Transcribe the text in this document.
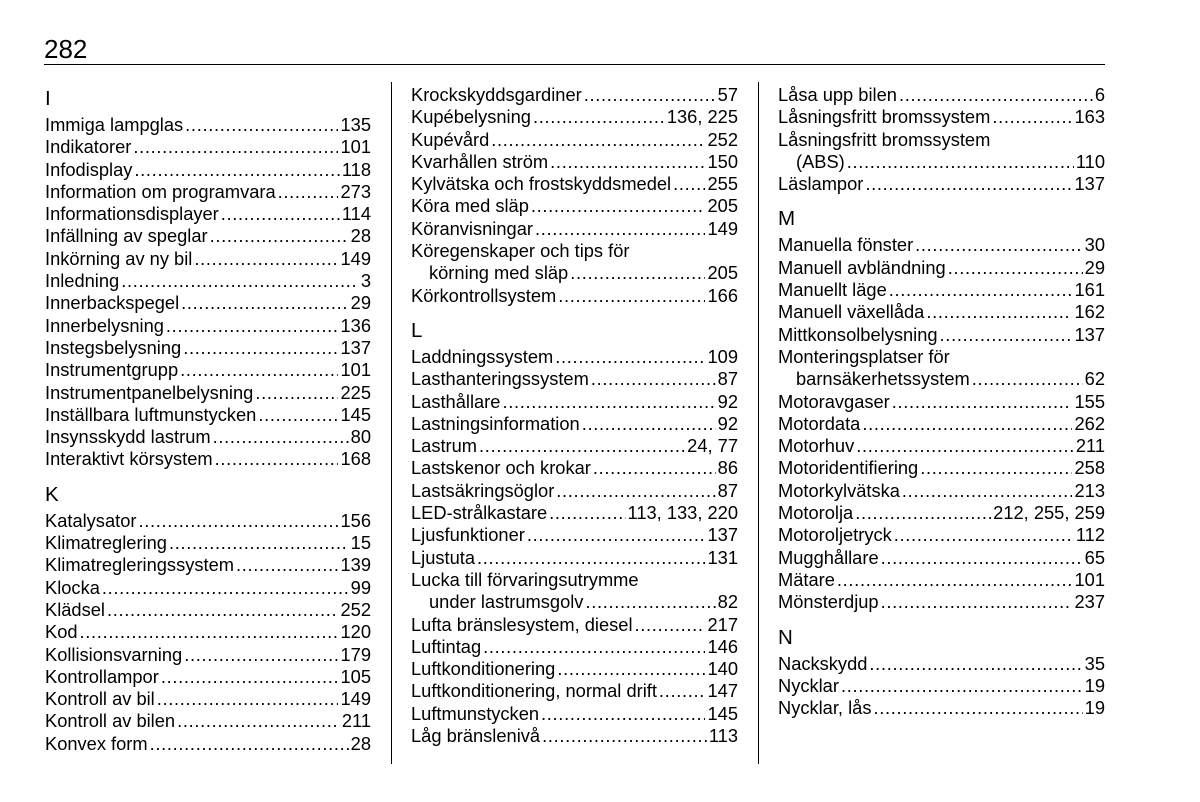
282
I
Immiga lampglas . . .	135
Indikatorer . . .	101
Infodisplay . . .	118
Information om programvara . . .	273
Informationsdisplayer . . .	114
Infällning av speglar . . .	28
Inkörning av ny bil . . .	149
Inledning . . .	3
Innerbackspegel . . .	29
Innerbelysning . . .	136
Instegsbelysning . . .	137
Instrumentgrupp . . .	101
Instrumentpanelbelysning . . .	225
Inställbara luftmunstycken . . .	145
Insynsskydd lastrum . . .	80
Interaktivt körsystem . . .	168
K
Katalysator . . .	156
Klimatreglering . . .	15
Klimatregleringssystem . . .	139
Klocka . . .	99
Klädsel . . .	252
Kod . . .	120
Kollisionsvarning . . .	179
Kontrollampor . . .	105
Kontroll av bil . . .	149
Kontroll av bilen . . .	211
Konvex form . . .	28
Krockskyddsgardiner . . .	57
Kupébelysning . . .	136, 225
Kupévård . . .	252
Kvarhållen ström . . .	150
Kylvätska och frostskyddsmedel . . . 255
Köra med släp . . .	205
Köranvisningar . . .	149
Köregenskaper och tips för
körning med släp . . .	205
Körkontrollsystem . . .	166
L
Laddningssystem . . .	109
Lasthanteringssystem . . .	87
Lasthållare . . .	92
Lastningsinformation . . .	92
Lastrum . . .	24, 77
Lastskenor och krokar . . .	86
Lastsäkringsöglor . . .	87
LED-strålkastare . . .	113, 133, 220
Ljusfunktioner . . .	137
Ljustuta . . .	131
Lucka till förvaringsutrymme
under lastrumsgolv . . .	82
Lufta bränslesystem, diesel . . .	217
Luftintag . . .	146
Luftkonditionering . . .	140
Luftkonditionering, normal drift . . .	147
Luftmunstycken . . .	145
Låg bränslenivå . . .	113
Låsa upp bilen . . .	6
Låsningsfritt bromssystem . . .	163
Låsningsfritt bromssystem
(ABS) . . .	110
Läslampor . . .	137
M
Manuella fönster . . .	30
Manuell avbländning . . .	29
Manuellt läge . . .	161
Manuell växellåda . . .	162
Mittkonsolbelysning . . .	137
Monteringsplatser för
barnsäkerhetssystem . . .	62
Motoravgaser . . .	155
Motordata . . .	262
Motorhuv . . .	211
Motoridentifiering . . .	258
Motorkylvätska . . .	213
Motorolja . . .	212, 255, 259
Motoroljetryck . . .	112
Mugghållare . . .	65
Mätare . . .	101
Mönsterdjup . . .	237
N
Nackskydd . . .	35
Nycklar . . .	19
Nycklar, lås . . .	19
